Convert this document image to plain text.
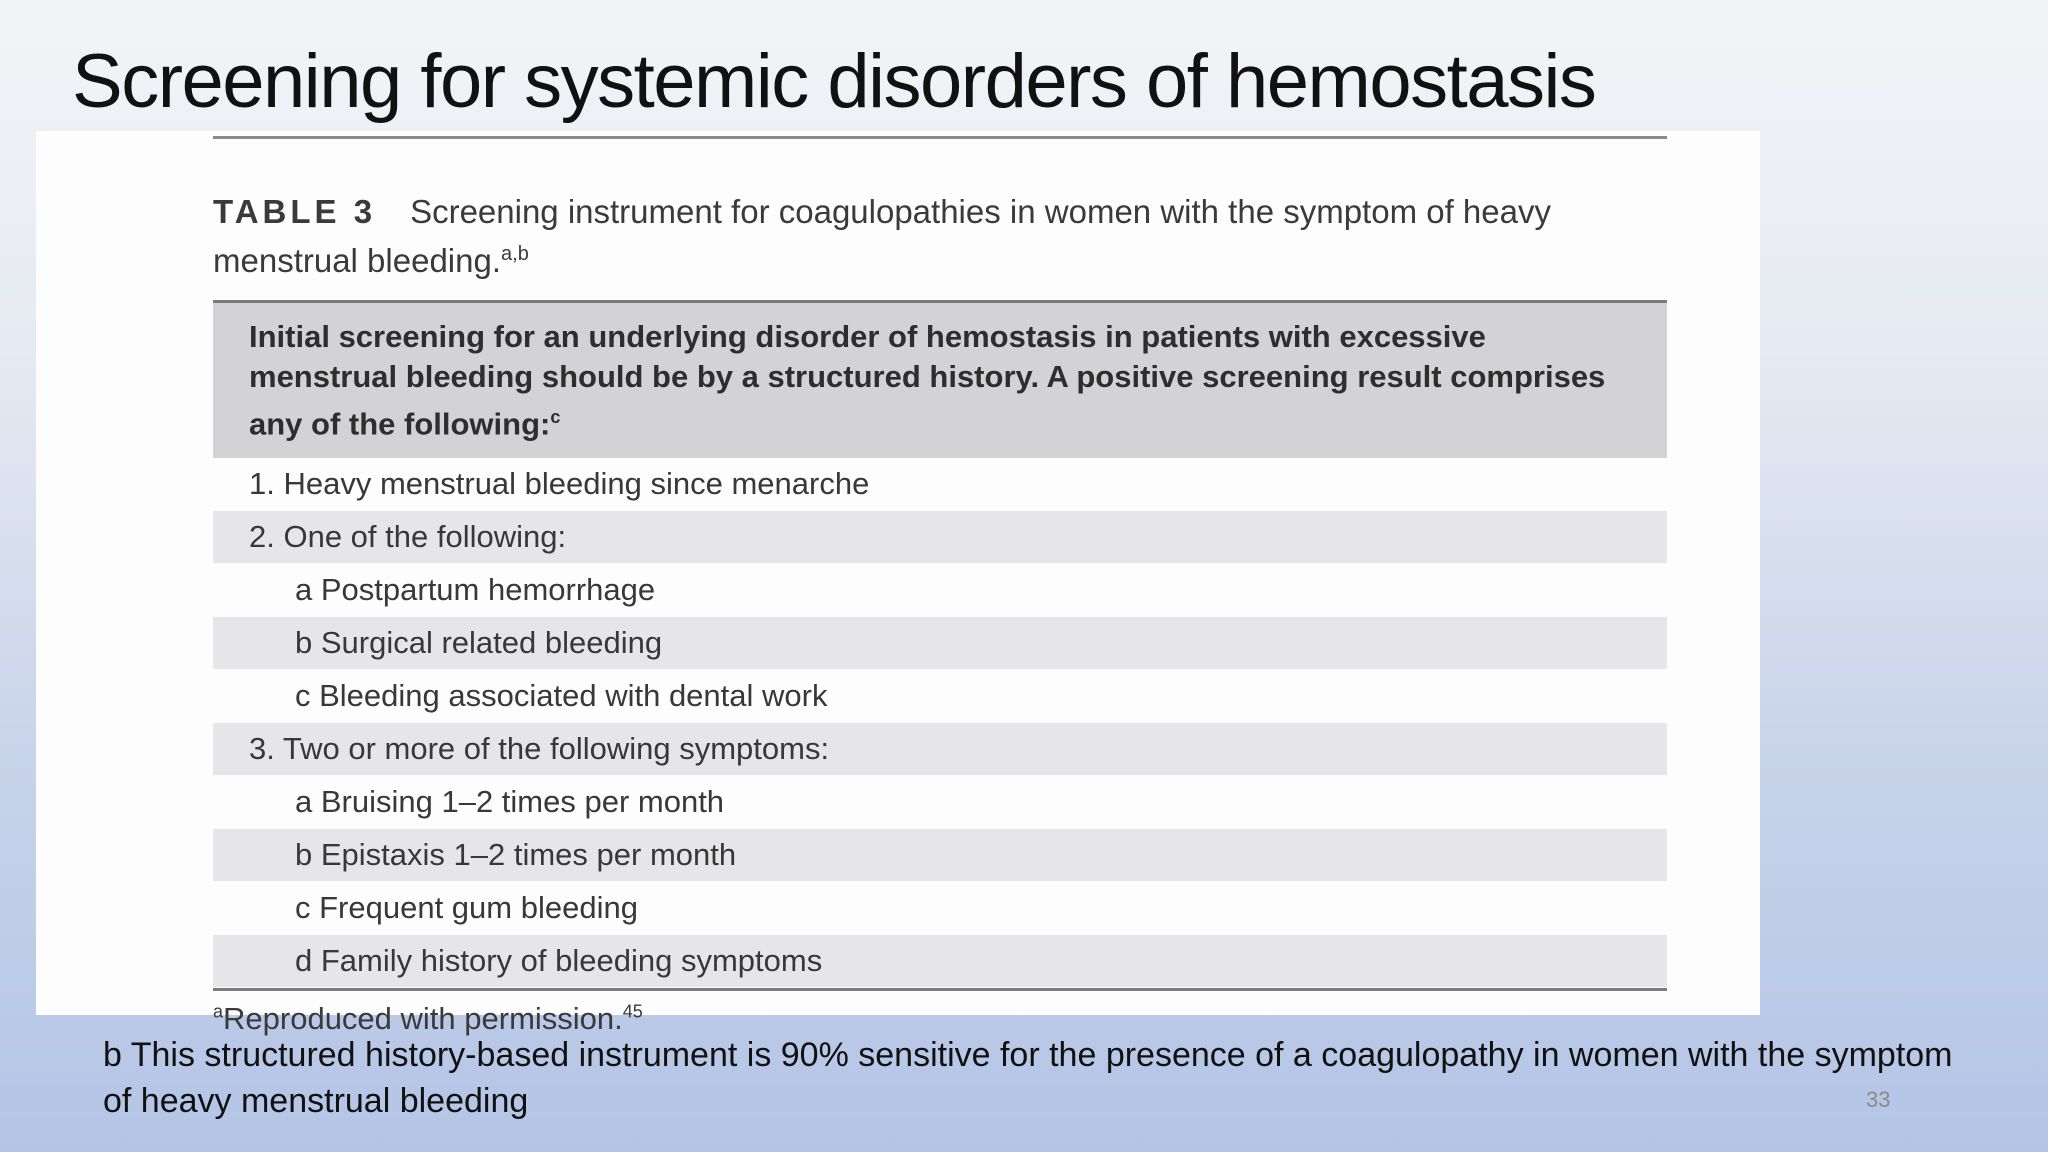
Screening for systemic disorders of hemostasis
TABLE 3 Screening instrument for coagulopathies in women with the symptom of heavy menstrual bleeding.$^{a,b}$
Initial screening for an underlying disorder of hemostasis in patients with excessive menstrual bleeding should be by a structured history. A positive screening result comprises any of the following:$^c$
1. Heavy menstrual bleeding since menarche
2. One of the following:
a Postpartum hemorrhage
b Surgical related bleeding
c Bleeding associated with dental work
3. Two or more of the following symptoms:
a Bruising 1–2 times per month
b Epistaxis 1–2 times per month
c Frequent gum bleeding
d Family history of bleeding symptoms
$^a$Reproduced with permission.$^{45}$
b This structured history-based instrument is 90% sensitive for the presence of a coagulopathy in women with the symptom of heavy menstrual bleeding	33
